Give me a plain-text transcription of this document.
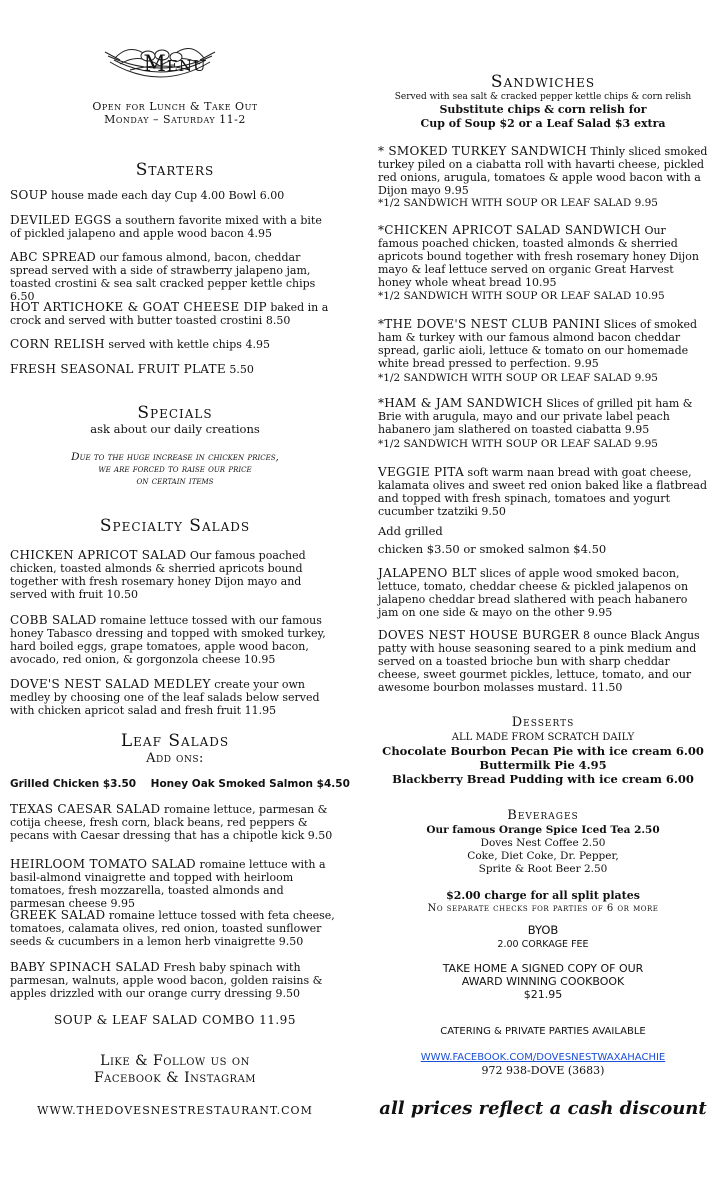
Menu
Open for Lunch & Take Out
Monday – Saturday 11-2
Starters
SOUP house made each day Cup 4.00 Bowl 6.00
DEVILED EGGS a southern favorite mixed with a bite of pickled jalapeno and apple wood bacon 4.95
ABC SPREAD our famous almond, bacon, cheddar spread served with a side of strawberry jalapeno jam, toasted crostini & sea salt cracked pepper kettle chips 6.50
HOT ARTICHOKE & GOAT CHEESE DIP baked in a crock and served with butter toasted crostini 8.50
CORN RELISH served with kettle chips 4.95
FRESH SEASONAL FRUIT PLATE 5.50
Specials
ask about our daily creations
Due to the huge increase in chicken prices,
we are forced to raise our price
on certain items
Specialty Salads
CHICKEN APRICOT SALAD Our famous poached chicken, toasted almonds & sherried apricots bound together with fresh rosemary honey Dijon mayo and served with fruit 10.50
COBB SALAD romaine lettuce tossed with our famous honey Tabasco dressing and topped with smoked turkey, hard boiled eggs, grape tomatoes, apple wood bacon, avocado, red onion, & gorgonzola cheese 10.95
DOVE'S NEST SALAD MEDLEY create your own medley by choosing one of the leaf salads below served with chicken apricot salad and fresh fruit 11.95
Leaf Salads
Add ons:
Grilled Chicken $3.50    Honey Oak Smoked Salmon $4.50
TEXAS CAESAR SALAD romaine lettuce, parmesan & cotija cheese, fresh corn, black beans, red peppers & pecans with Caesar dressing that has a chipotle kick 9.50
HEIRLOOM TOMATO SALAD romaine lettuce with a basil-almond vinaigrette and topped with heirloom tomatoes, fresh mozzarella, toasted almonds and parmesan cheese 9.95
GREEK SALAD romaine lettuce tossed with feta cheese, tomatoes, calamata olives, red onion, toasted sunflower seeds & cucumbers in a lemon herb vinaigrette 9.50
BABY SPINACH SALAD Fresh baby spinach with parmesan, walnuts, apple wood bacon, golden raisins & apples drizzled with our orange curry dressing 9.50
SOUP & LEAF SALAD COMBO 11.95
Like & Follow us on
Facebook & Instagram
WWW.THEDOVESNESTRESTAURANT.COM
Sandwiches
Served with sea salt & cracked pepper kettle chips & corn relish
Substitute chips & corn relish for
Cup of Soup $2 or a Leaf Salad $3 extra
* SMOKED TURKEY SANDWICH Thinly sliced smoked turkey piled on a ciabatta roll with havarti cheese, pickled red onions, arugula, tomatoes & apple wood bacon with a Dijon mayo 9.95
*1/2 SANDWICH WITH SOUP OR LEAF SALAD 9.95
*CHICKEN APRICOT SALAD SANDWICH Our famous poached chicken, toasted almonds & sherried apricots bound together with fresh rosemary honey Dijon mayo & leaf lettuce served on organic Great Harvest honey whole wheat bread 10.95
*1/2 SANDWICH WITH SOUP OR LEAF SALAD 10.95
*THE DOVE'S NEST CLUB PANINI Slices of smoked ham & turkey with our famous almond bacon cheddar spread, garlic aioli, lettuce & tomato on our homemade white bread pressed to perfection. 9.95
*1/2 SANDWICH WITH SOUP OR LEAF SALAD 9.95
*HAM & JAM SANDWICH Slices of grilled pit ham & Brie with arugula, mayo and our private label peach habanero jam slathered on toasted ciabatta 9.95
*1/2 SANDWICH WITH SOUP OR LEAF SALAD 9.95
VEGGIE PITA soft warm naan bread with goat cheese, kalamata olives and sweet red onion baked like a flatbread and topped with fresh spinach, tomatoes and yogurt cucumber tzatziki 9.50
Add grilled
chicken $3.50 or smoked salmon $4.50
JALAPENO BLT slices of apple wood smoked bacon, lettuce, tomato, cheddar cheese & pickled jalapenos on jalapeno cheddar bread slathered with peach habanero jam on one side & mayo on the other 9.95
DOVES NEST HOUSE BURGER 8 ounce Black Angus patty with house seasoning seared to a pink medium and served on a toasted brioche bun with sharp cheddar cheese, sweet gourmet pickles, lettuce, tomato, and our awesome bourbon molasses mustard. 11.50
Desserts
ALL MADE FROM SCRATCH DAILY
Chocolate Bourbon Pecan Pie with ice cream 6.00
Buttermilk Pie 4.95
Blackberry Bread Pudding with ice cream 6.00
Beverages
Our famous Orange Spice Iced Tea 2.50
Doves Nest Coffee 2.50
Coke, Diet Coke, Dr. Pepper,
Sprite & Root Beer 2.50
$2.00 charge for all split plates
No separate checks for parties of 6 or more
BYOB
2.00 CORKAGE FEE
TAKE HOME A SIGNED COPY OF OUR
AWARD WINNING COOKBOOK
$21.95
CATERING & PRIVATE PARTIES AVAILABLE
WWW.FACEBOOK.COM/DOVESNESTWAXAHACHIE
972 938-DOVE (3683)
all prices reflect a cash discount
